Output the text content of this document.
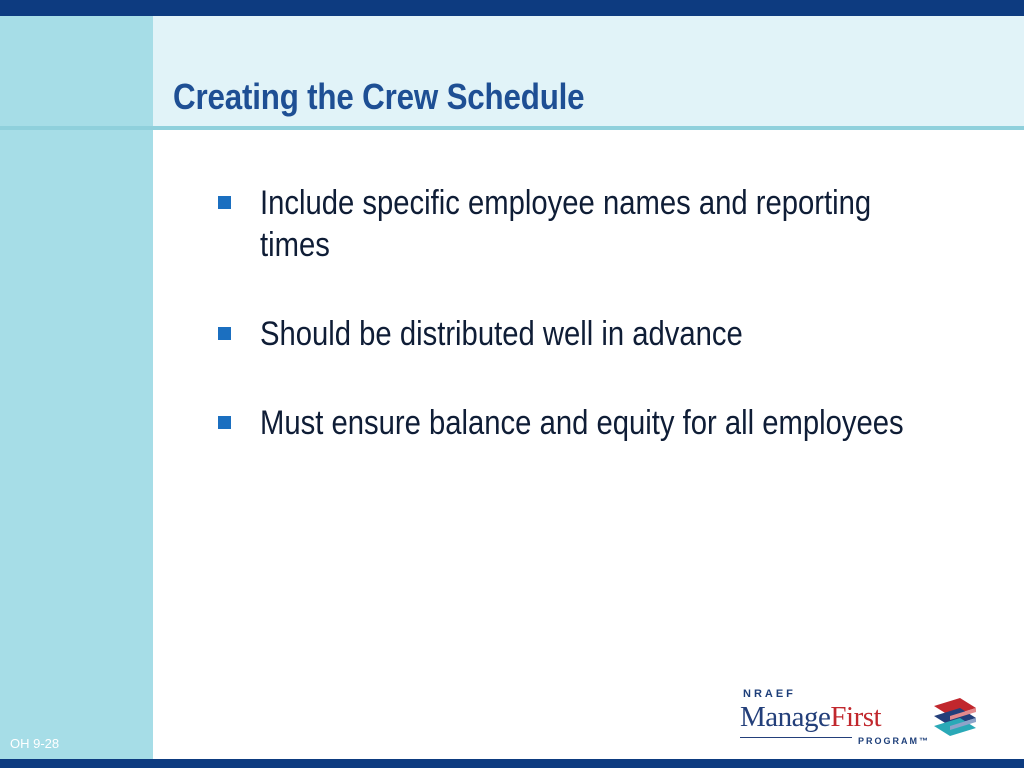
Creating the Crew Schedule
Include specific employee names and reporting times
Should be distributed well in advance
Must ensure balance and equity for all employees
OH 9-28
NRAEF
ManageFirst
PROGRAM™
